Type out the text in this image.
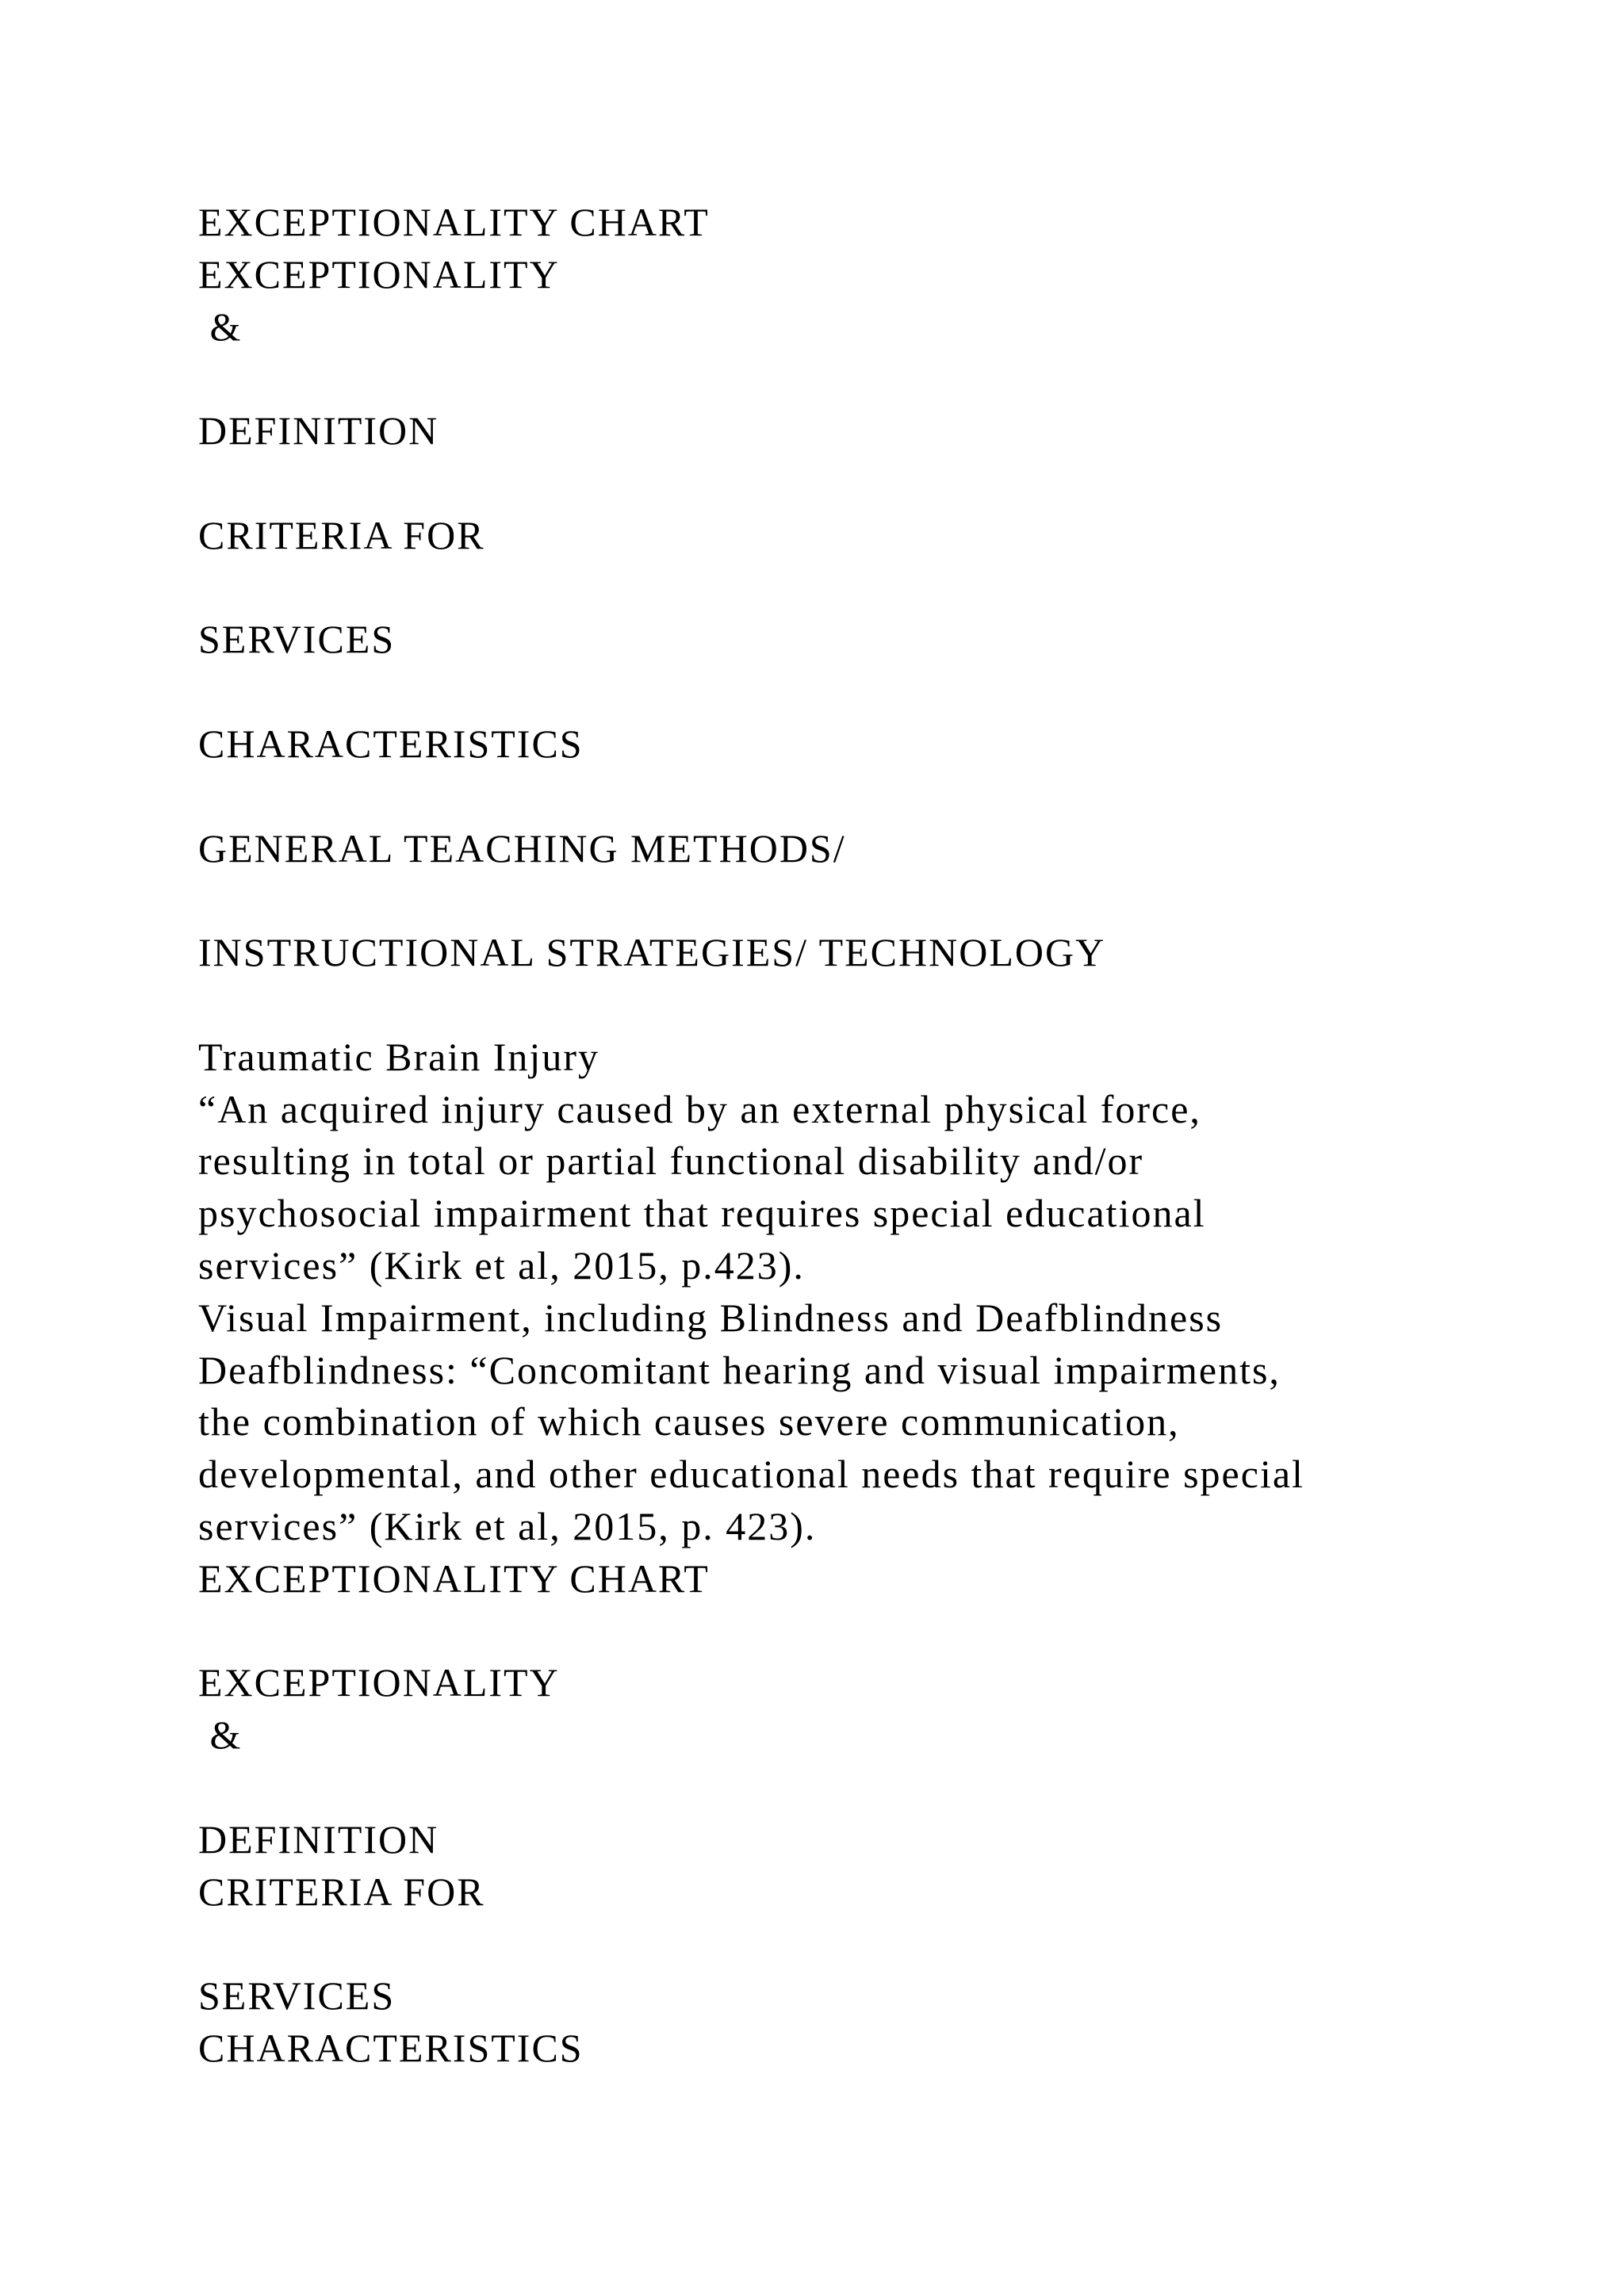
EXCEPTIONALITY CHART
EXCEPTIONALITY
&
DEFINITION
CRITERIA FOR
SERVICES
CHARACTERISTICS
GENERAL TEACHING METHODS/
INSTRUCTIONAL STRATEGIES/ TECHNOLOGY
Traumatic Brain Injury
“An acquired injury caused by an external physical force,
resulting in total or partial functional disability and/or
psychosocial impairment that requires special educational
services” (Kirk et al, 2015, p.423).
Visual Impairment, including Blindness and Deafblindness
Deafblindness: “Concomitant hearing and visual impairments,
the combination of which causes severe communication,
developmental, and other educational needs that require special
services” (Kirk et al, 2015, p. 423).
EXCEPTIONALITY CHART
EXCEPTIONALITY
&
DEFINITION
CRITERIA FOR
SERVICES
CHARACTERISTICS
